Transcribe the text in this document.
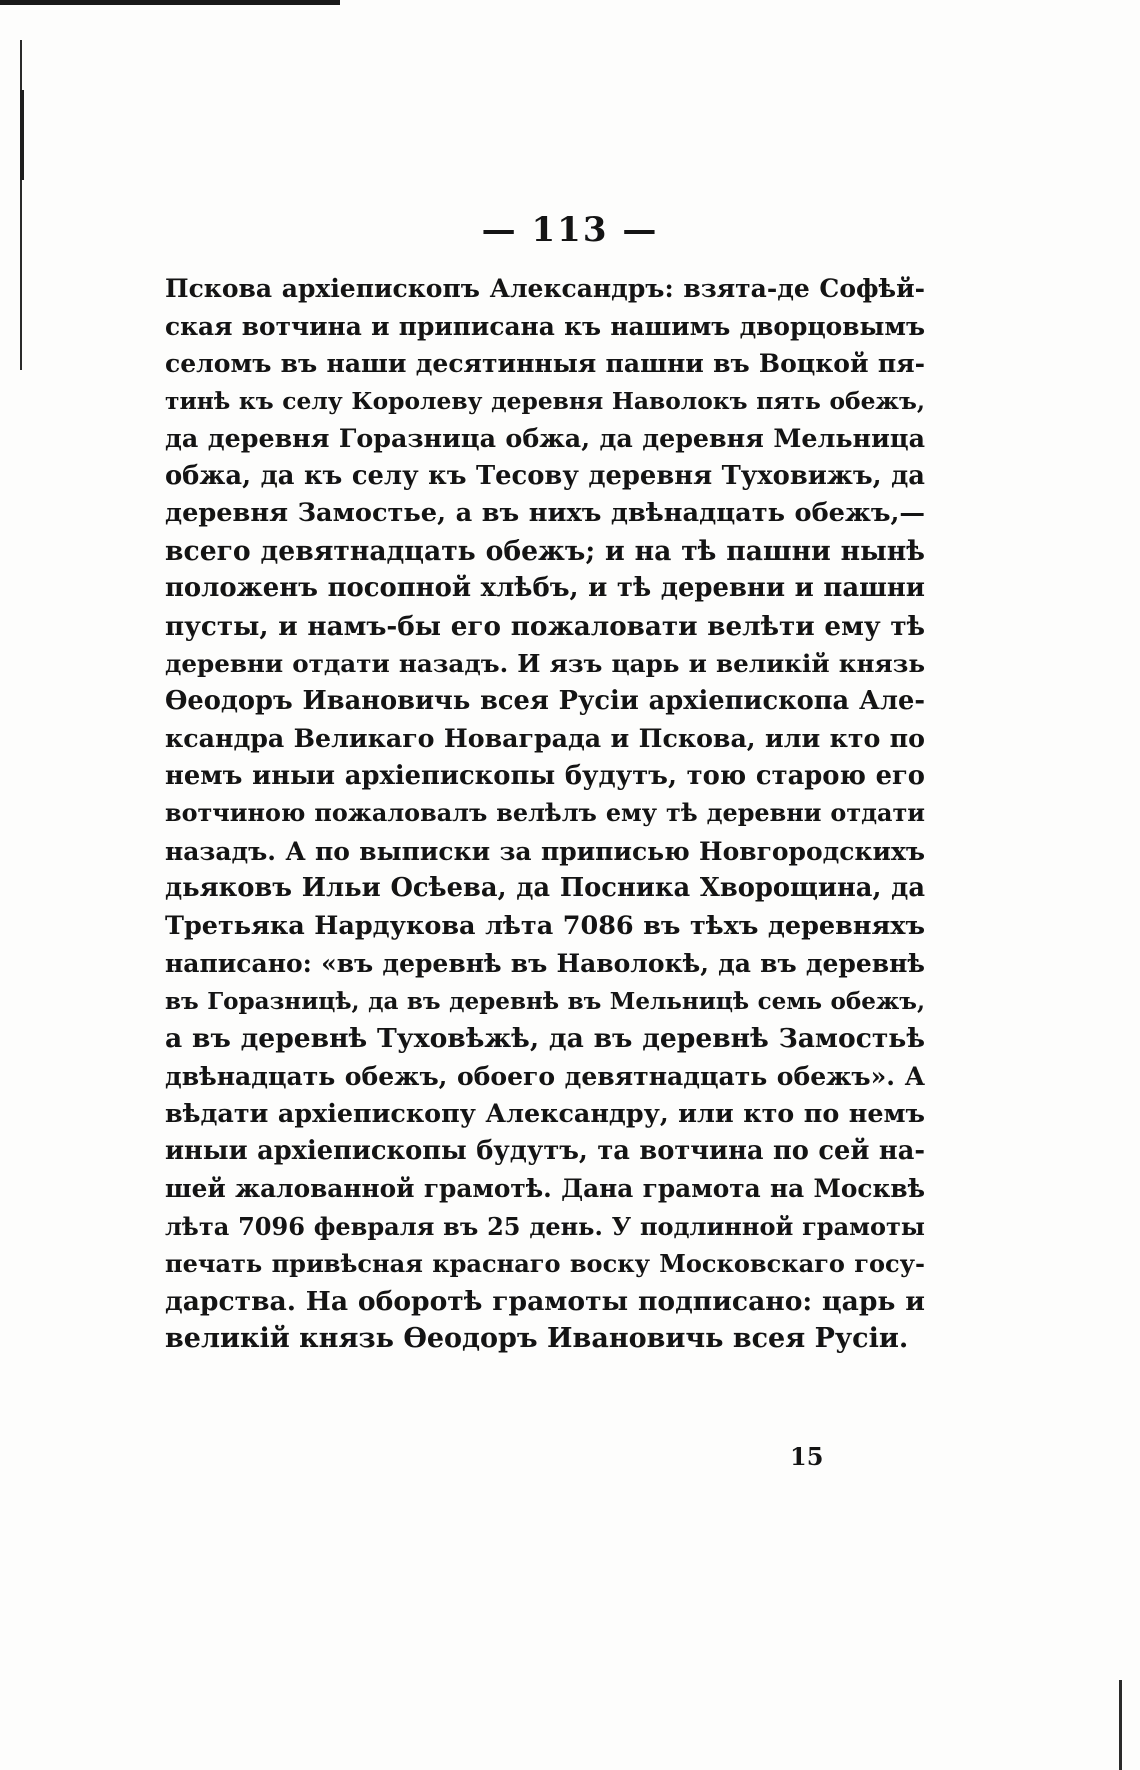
— 113 —
Пскова архіепископъ Александръ: взята-де Софѣй-
ская вотчина и приписана къ нашимъ дворцовымъ
селомъ въ наши десятинныя пашни въ Воцкой пя-
тинѣ къ селу Королеву деревня Наволокъ пять обежъ,
да деревня Горазница обжа, да деревня Мельница
обжа, да къ селу къ Тесову деревня Туховижъ, да
деревня Замостье, а въ нихъ двѣнадцать обежъ,—
всего девятнадцать обежъ; и на тѣ пашни нынѣ
положенъ посопной хлѣбъ, и тѣ деревни и пашни
пусты, и намъ-бы его пожаловати велѣти ему тѣ
деревни отдати назадъ. И язъ царь и великій князь
Ѳеодоръ Ивановичь всея Русіи архіепископа Але-
ксандра Великаго Новаграда и Пскова, или кто по
немъ иныи архіепископы будутъ, тою старою его
вотчиною пожаловалъ велѣлъ ему тѣ деревни отдати
назадъ. А по выписки за приписью Новгородскихъ
дьяковъ Ильи Осѣева, да Посника Хворощина, да
Третьяка Нардукова лѣта 7086 въ тѣхъ деревняхъ
написано: «въ деревнѣ въ Наволокѣ, да въ деревнѣ
въ Горазницѣ, да въ деревнѣ въ Мельницѣ семь обежъ,
а въ деревнѣ Туховѣжѣ, да въ деревнѣ Замостьѣ
двѣнадцать обежъ, обоего девятнадцать обежъ». А
вѣдати архіепископу Александру, или кто по немъ
иныи архіепископы будутъ, та вотчина по сей на-
шей жалованной грамотѣ. Дана грамота на Москвѣ
лѣта 7096 февраля въ 25 день. У подлинной грамоты
печать привѣсная краснаго воску Московскаго госу-
дарства. На оборотѣ грамоты подписано: царь и
великій князь Ѳеодоръ Ивановичь всея Русіи.
15
